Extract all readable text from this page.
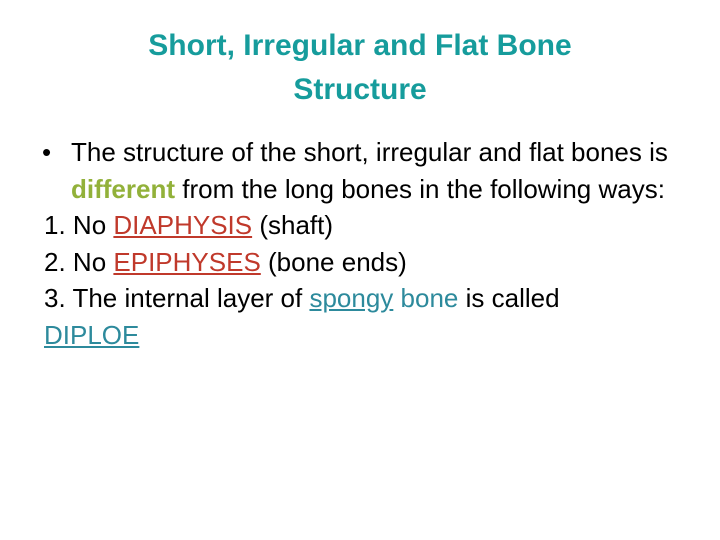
Short, Irregular and Flat Bone
Structure
• The structure of the short, irregular and flat bones is different from the long bones in the following ways:
1. No DIAPHYSIS (shaft)
2. No EPIPHYSES (bone ends)
3. The internal layer of spongy bone is called
DIPLOE
